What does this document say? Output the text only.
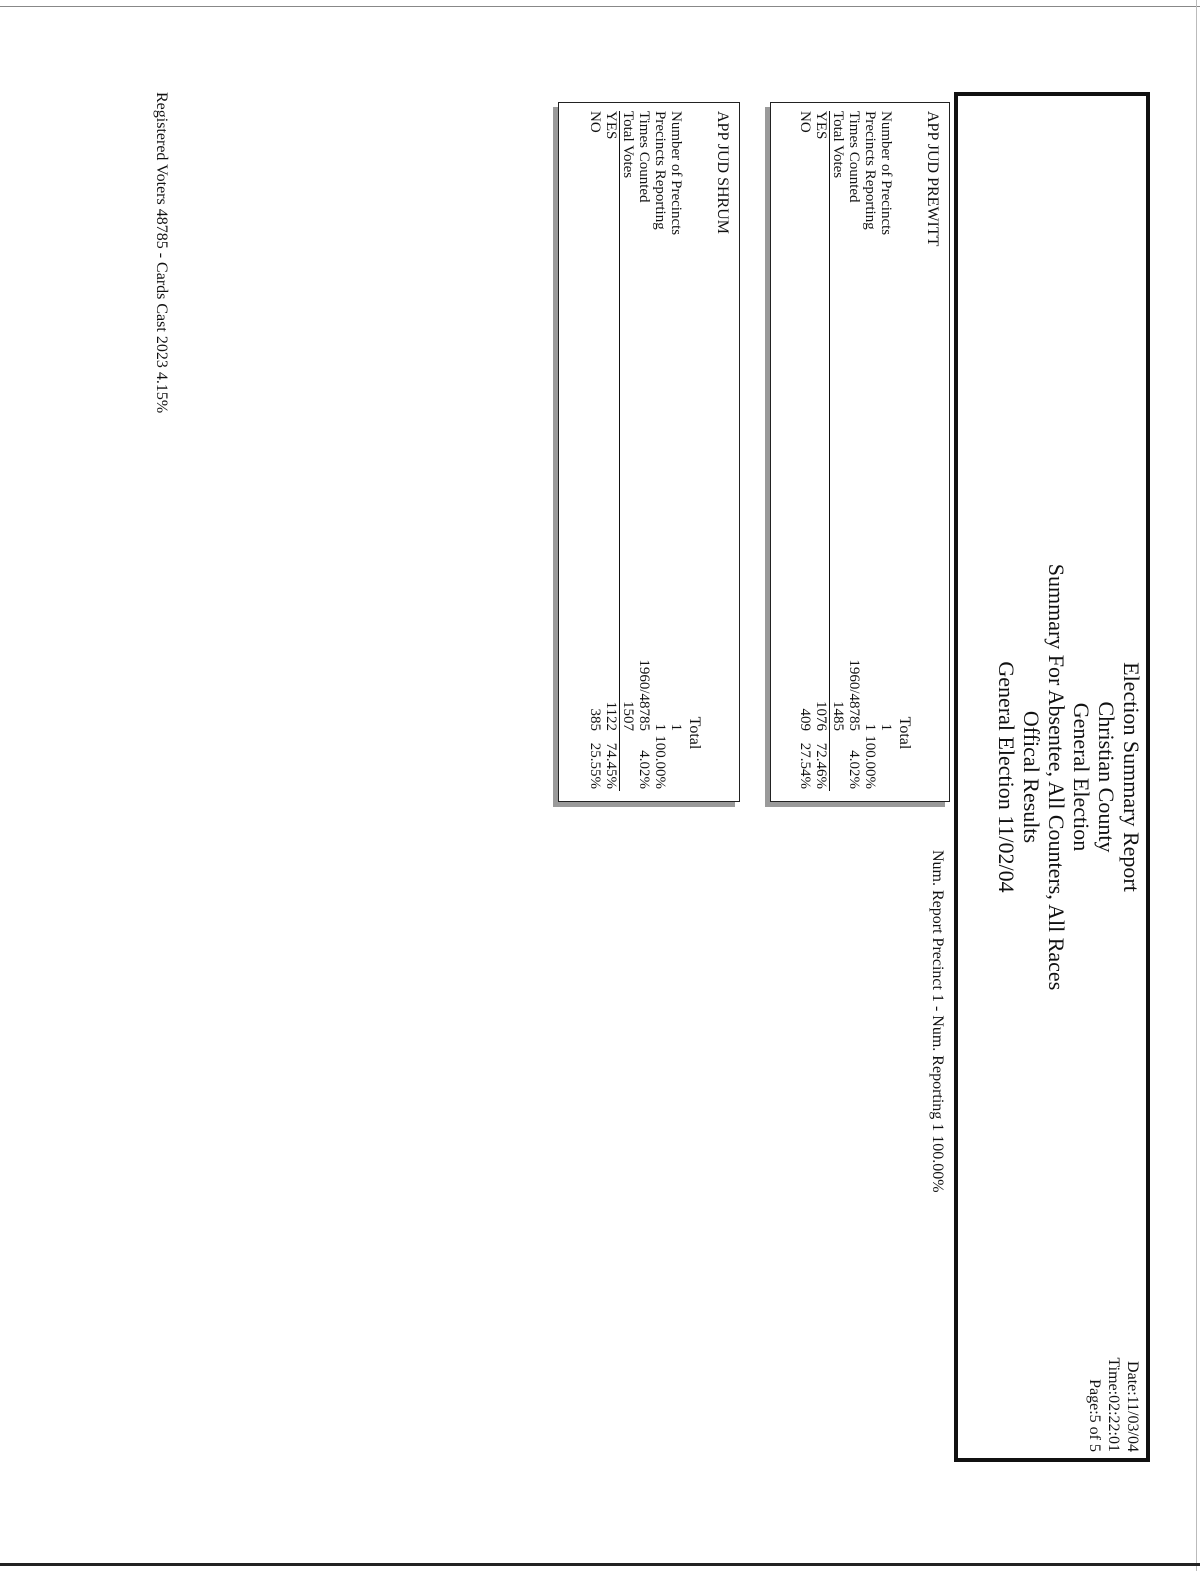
Election Summary Report
Christian County
General Election
Summary For Absentee, All Counters, All Races
Offical Results
General Election 11/02/04
Date:11/03/04
Time:02:22:01
Page:5 of 5
Num. Report Precinct 1 - Num. Reporting 1 100.00%
APP JUD PREWITT
Total
Number of Precincts
1
Precincts Reporting
1
100.00%
Times Counted
1960/48785
4.02%
Total Votes
1485
YES
1076
72.46%
NO
409
27.54%
APP JUD SHRUM
Total
Number of Precincts
1
Precincts Reporting
1
100.00%
Times Counted
1960/48785
4.02%
Total Votes
1507
YES
1122
74.45%
NO
385
25.55%
Registered Voters 48785 - Cards Cast 2023 4.15%
